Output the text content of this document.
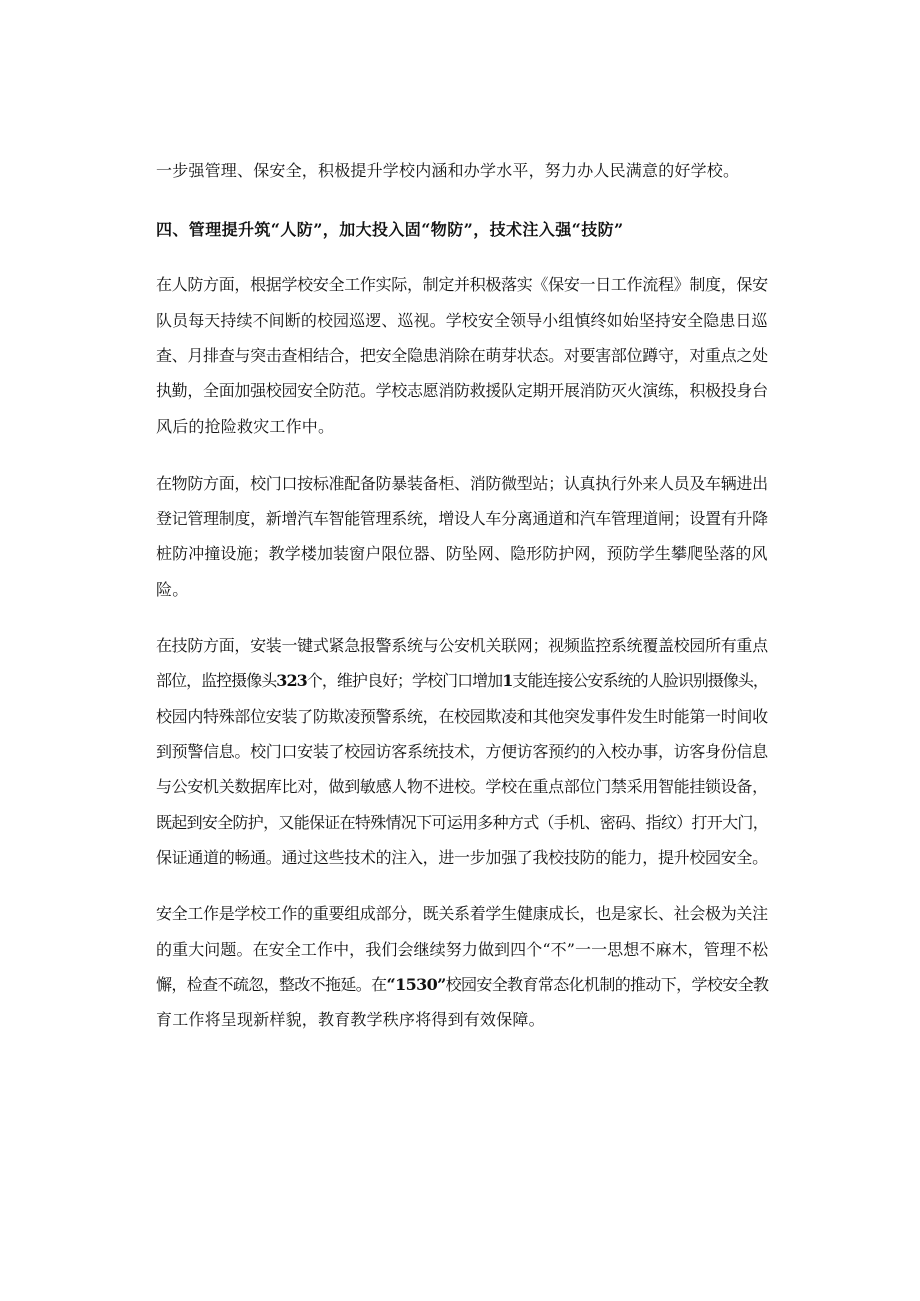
一步强管理、保安全，积极提升学校内涵和办学水平，努力办人民满意的好学校。
四、管理提升筑“人防”，加大投入固“物防”，技术注入强“技防”
在人防方面，根据学校安全工作实际，制定并积极落实《保安一日工作流程》制度，保安
队员每天持续不间断的校园巡逻、巡视。学校安全领导小组慎终如始坚持安全隐患日巡
查、月排查与突击查相结合，把安全隐患消除在萌芽状态。对要害部位蹲守，对重点之处
执勤，全面加强校园安全防范。学校志愿消防救援队定期开展消防灭火演练，积极投身台
风后的抢险救灾工作中。
在物防方面，校门口按标准配备防暴装备柜、消防微型站；认真执行外来人员及车辆进出
登记管理制度，新增汽车智能管理系统，增设人车分离通道和汽车管理道闸；设置有升降
桩防冲撞设施；教学楼加装窗户限位器、防坠网、隐形防护网，预防学生攀爬坠落的风
险。
在技防方面，安装一键式紧急报警系统与公安机关联网；视频监控系统覆盖校园所有重点
部位，监控摄像头323个，维护良好；学校门口增加1支能连接公安系统的人脸识别摄像头，
校园内特殊部位安装了防欺凌预警系统，在校园欺凌和其他突发事件发生时能第一时间收
到预警信息。校门口安装了校园访客系统技术，方便访客预约的入校办事，访客身份信息
与公安机关数据库比对，做到敏感人物不进校。学校在重点部位门禁采用智能挂锁设备，
既起到安全防护，又能保证在特殊情况下可运用多种方式（手机、密码、指纹）打开大门，
保证通道的畅通。通过这些技术的注入，进一步加强了我校技防的能力，提升校园安全。
安全工作是学校工作的重要组成部分，既关系着学生健康成长，也是家长、社会极为关注
的重大问题。在安全工作中，我们会继续努力做到四个“不”一一思想不麻木，管理不松
懈，检查不疏忽，整改不拖延。在“1530”校园安全教育常态化机制的推动下，学校安全教
育工作将呈现新样貌，教育教学秩序将得到有效保障。
